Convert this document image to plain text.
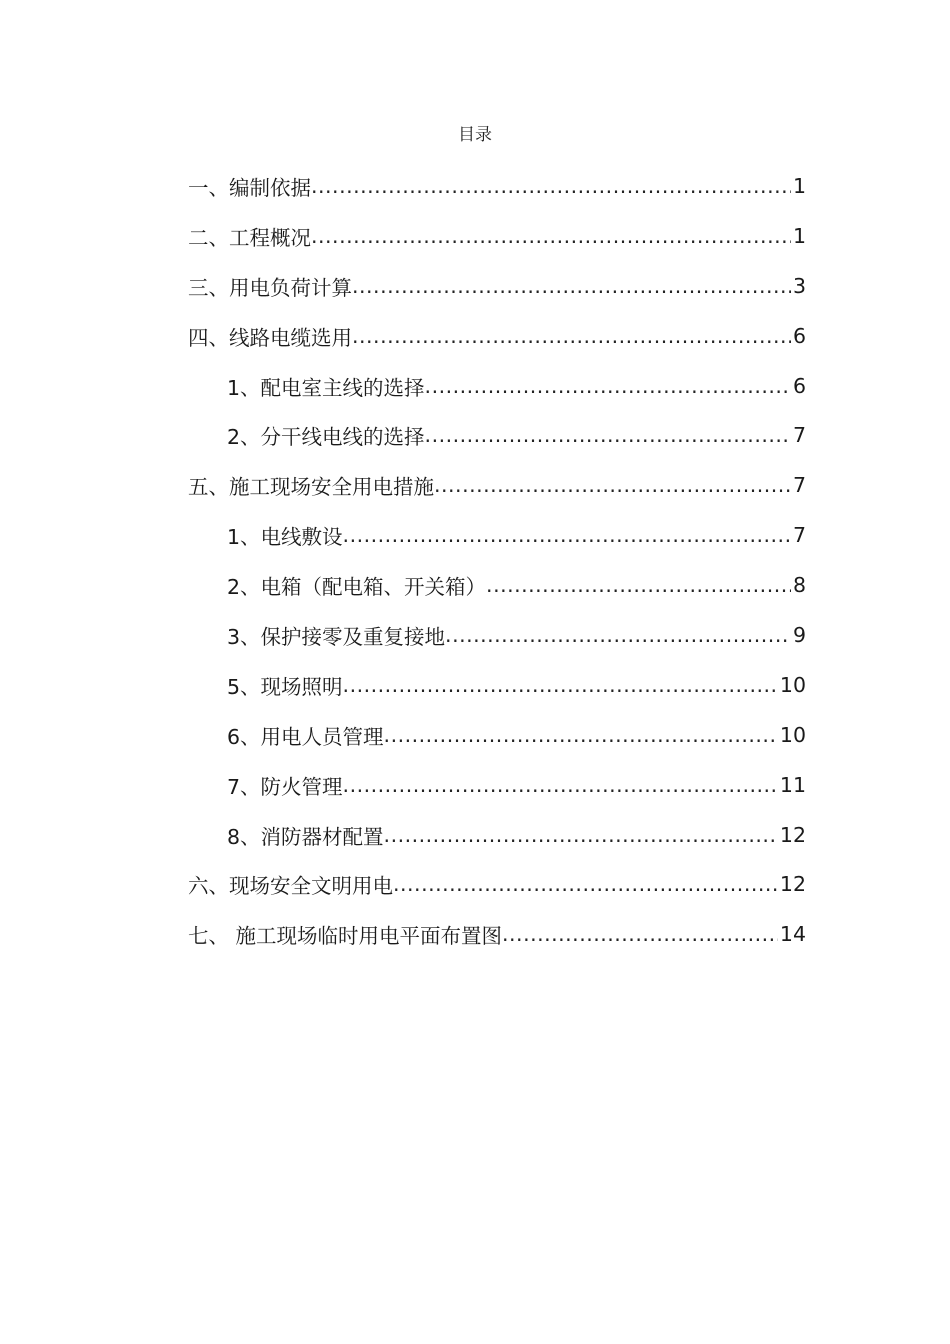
目录
一、编制依据 .....	1
二、工程概况 .....	1
三、用电负荷计算 .....	3
四、线路电缆选用 .....	6
1、配电室主线的选择 .....	6
2、分干线电线的选择 .....	7
五、施工现场安全用电措施 .....	7
1、电线敷设 .....	7
2、电箱（配电箱、开关箱） .....	8
3、保护接零及重复接地 .....	9
5、现场照明 .....	10
6、用电人员管理 .....	10
7、防火管理 .....	11
8、消防器材配置 .....	12
六、现场安全文明用电 .....	12
七、 施工现场临时用电平面布置图 .....	14
